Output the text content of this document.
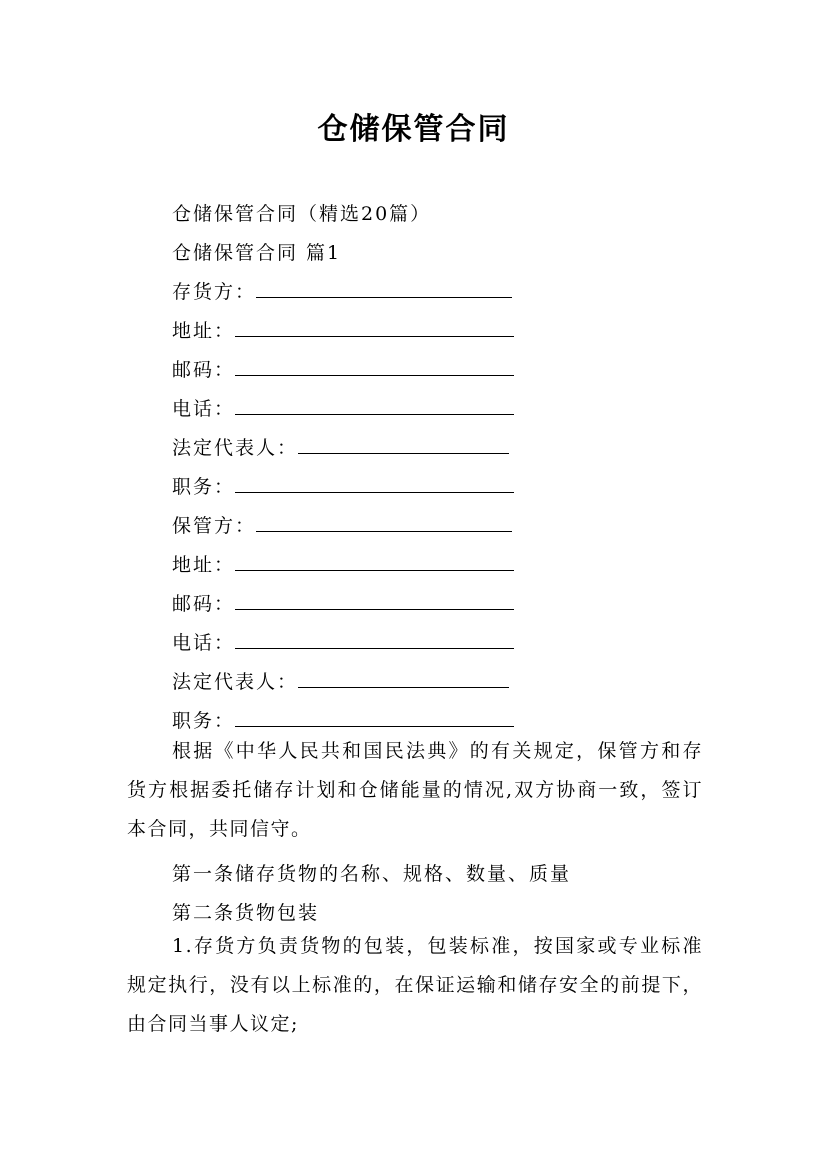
仓储保管合同
仓储保管合同（精选20篇）
仓储保管合同 篇1
存货方：
地址：
邮码：
电话：
法定代表人：
职务：
保管方：
地址：
邮码：
电话：
法定代表人：
职务：

根据《中华人民共和国民法典》的有关规定，保管方和存货方根据委托储存计划和仓储能量的情况,双方协商一致，签订本合同，共同信守。

第一条储存货物的名称、规格、数量、质量
第二条货物包装

1.存货方负责货物的包装，包装标准，按国家或专业标准规定执行，没有以上标准的，在保证运输和储存安全的前提下，由合同当事人议定;
